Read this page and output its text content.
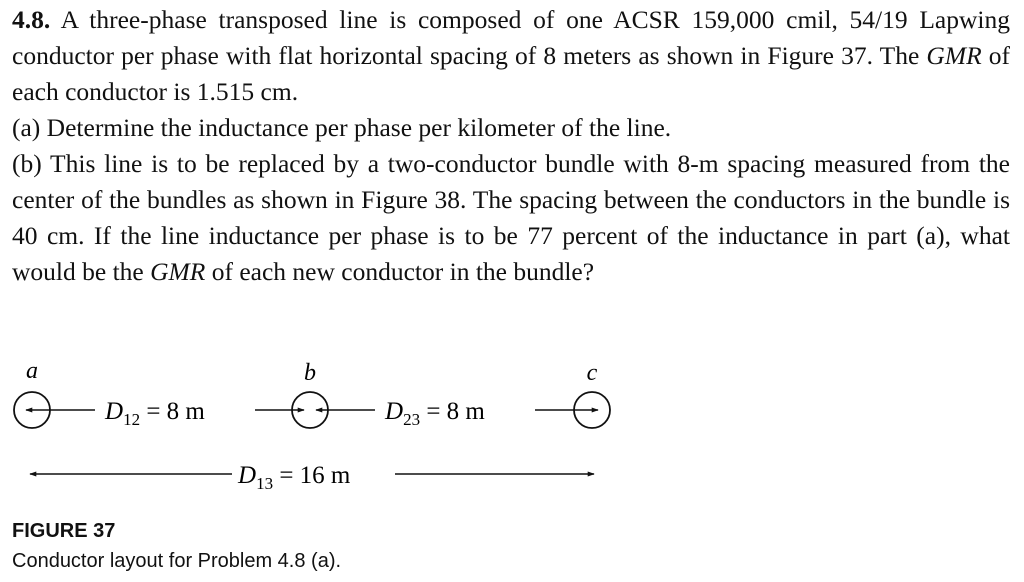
4.8. A three-phase transposed line is composed of one ACSR 159,000 cmil, 54/19 Lapwing conductor per phase with flat horizontal spacing of 8 meters as shown in Figure 37. The GMR of each conductor is 1.515 cm.

(a) Determine the inductance per phase per kilometer of the line.

(b) This line is to be replaced by a two-conductor bundle with 8-m spacing measured from the center of the bundles as shown in Figure 38. The spacing between the conductors in the bundle is 40 cm. If the line inductance per phase is to be 77 percent of the inductance in part (a), what would be the GMR of each new conductor in the bundle?

a	b	c
$D_{12} = 8$ m	$D_{23} = 8$ m
$D_{13} = 16$ m
FIGURE 37
Conductor layout for Problem 4.8 (a).
